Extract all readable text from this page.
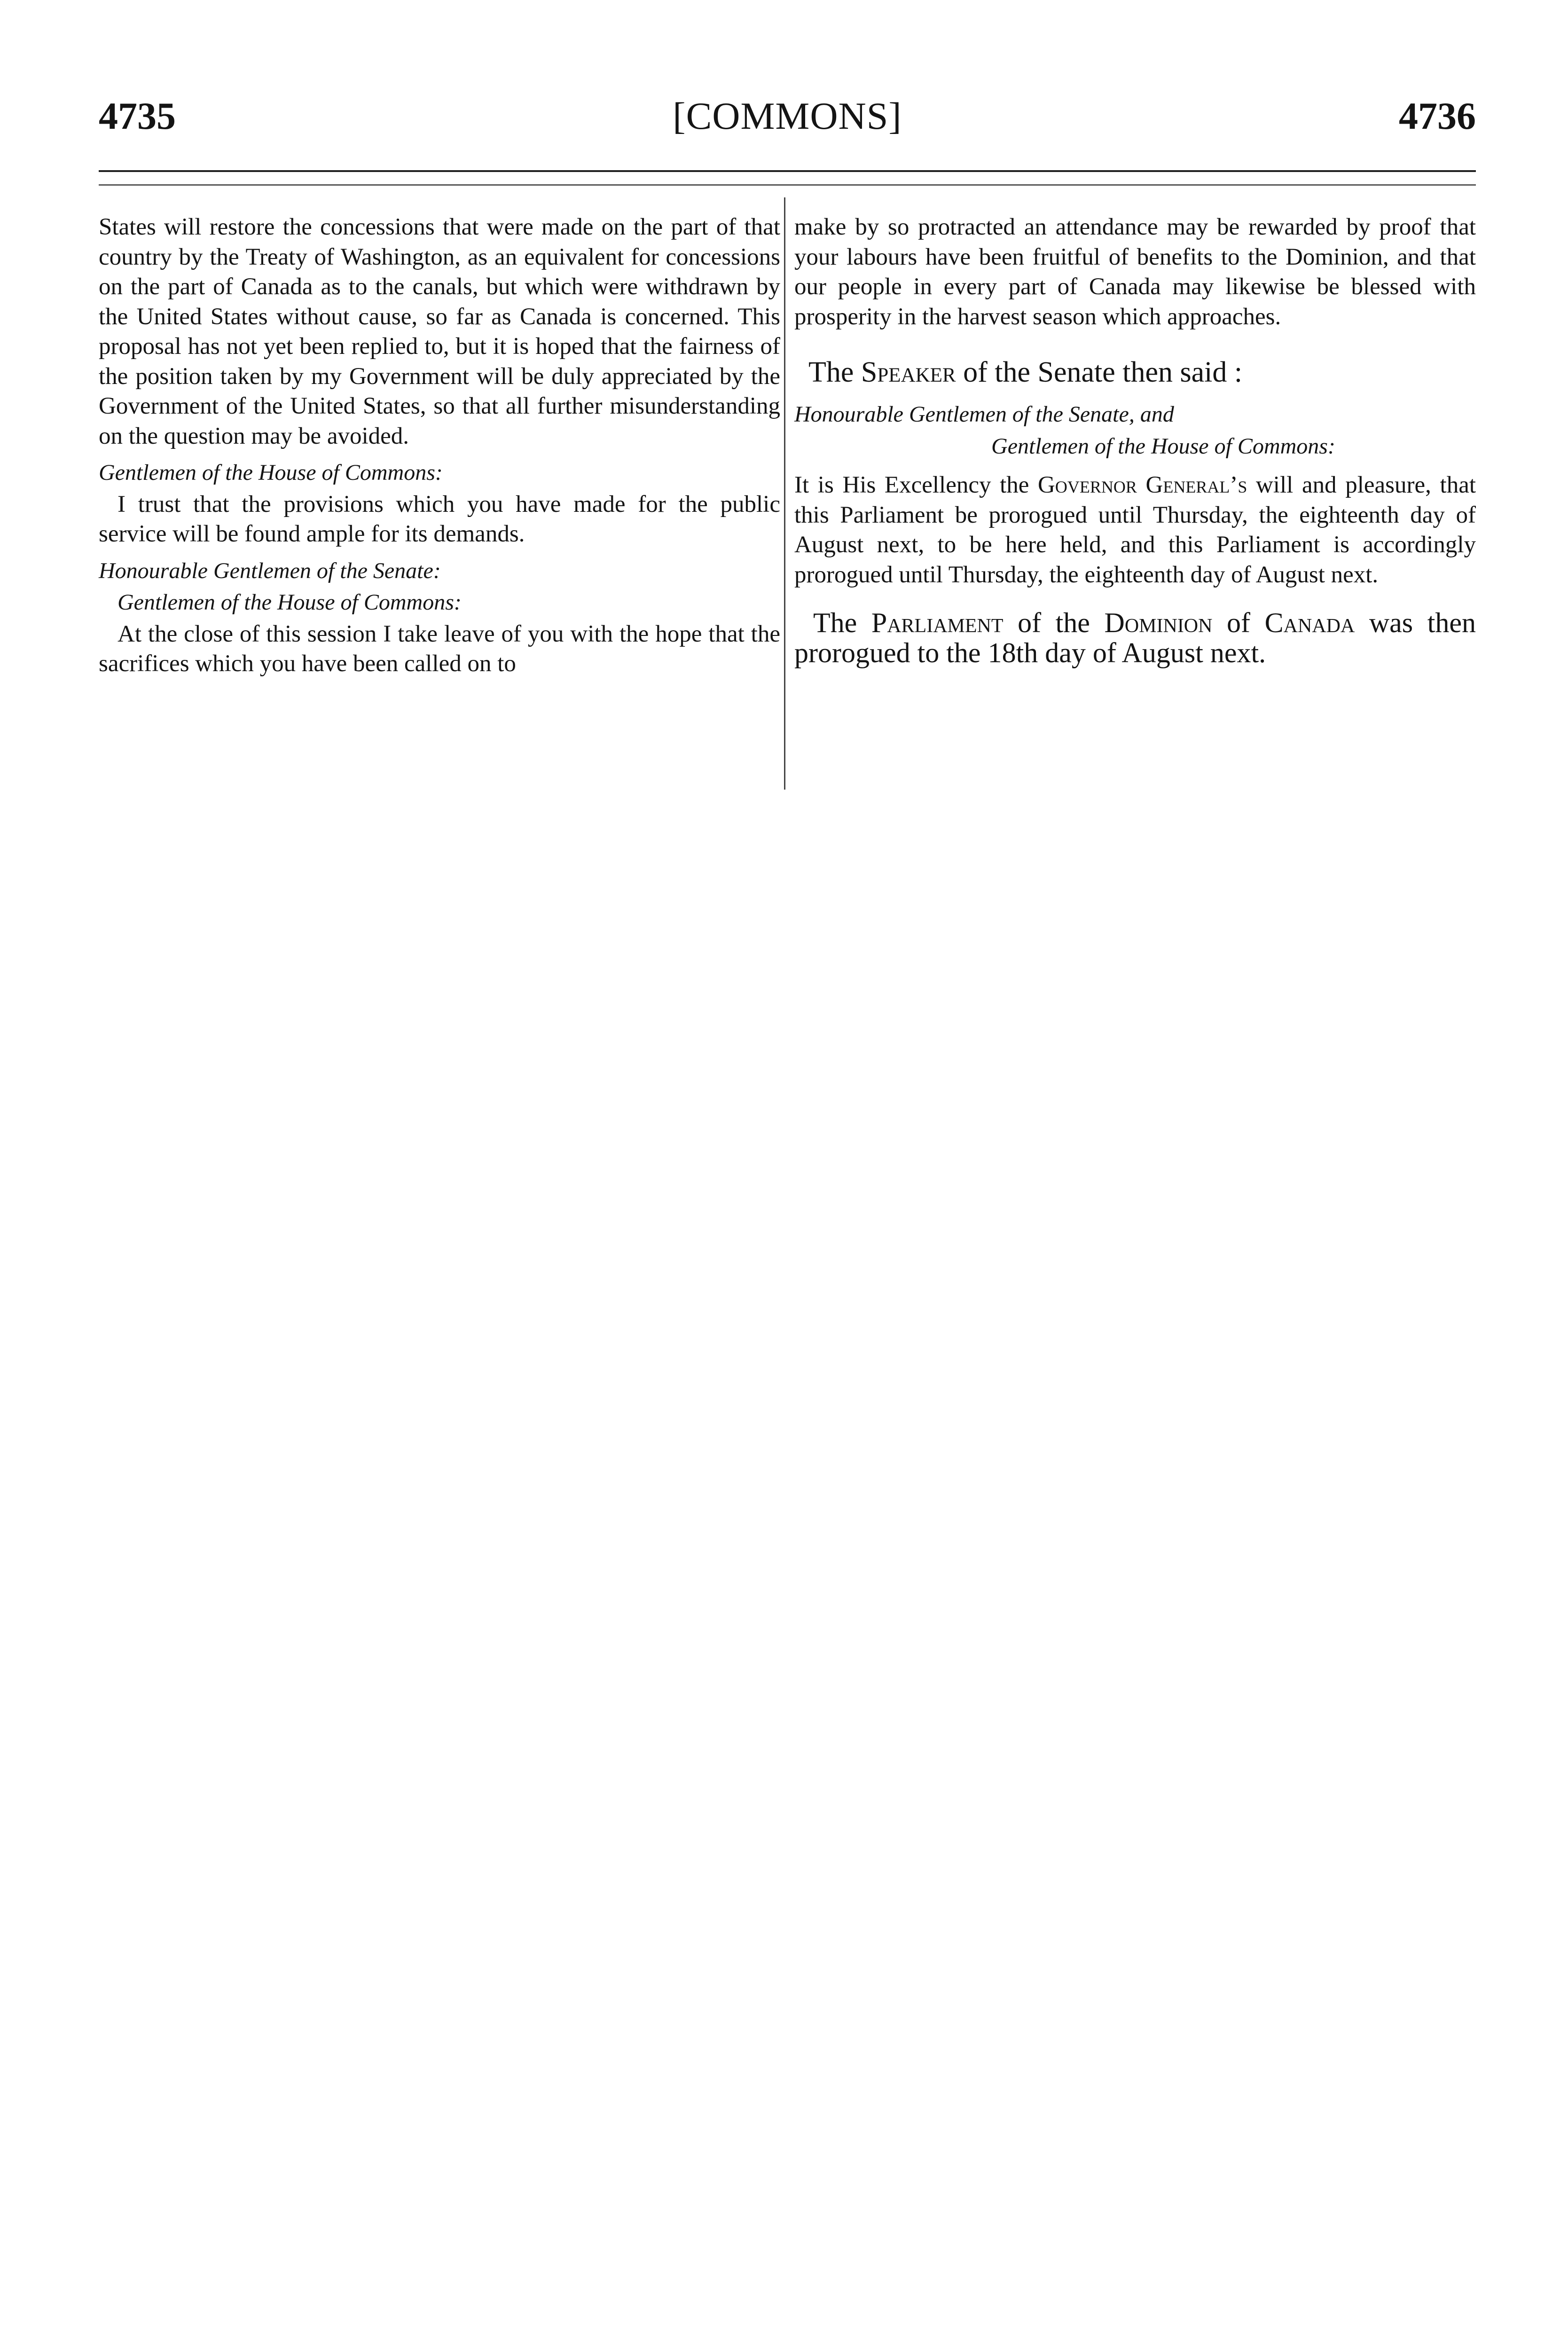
4735	[COMMONS]	4736

States will restore the concessions that were made on the part of that country by the Treaty of Washington, as an equivalent for concessions on the part of Canada as to the canals, but which were withdrawn by the United States without cause, so far as Canada is concerned. This proposal has not yet been replied to, but it is hoped that the fairness of the position taken by my Government will be duly appreciated by the Government of the United States, so that all further misunderstanding on the question may be avoided.

Gentlemen of the House of Commons:

I trust that the provisions which you have made for the public service will be found ample for its demands.

Honourable Gentlemen of the Senate:

Gentlemen of the House of Commons:

At the close of this session I take leave of you with the hope that the sacrifices which you have been called on to

make by so protracted an attendance may be rewarded by proof that your labours have been fruitful of benefits to the Dominion, and that our people in every part of Canada may likewise be blessed with prosperity in the harvest season which approaches.

The Speaker of the Senate then said :

Honourable Gentlemen of the Senate, and

Gentlemen of the House of Commons:

It is His Excellency the Governor General’s will and pleasure, that this Parliament be prorogued until Thursday, the eighteenth day of August next, to be here held, and this Parliament is accordingly prorogued until Thursday, the eighteenth day of August next.

The Parliament of the Dominion of Canada was then prorogued to the 18th day of August next.
